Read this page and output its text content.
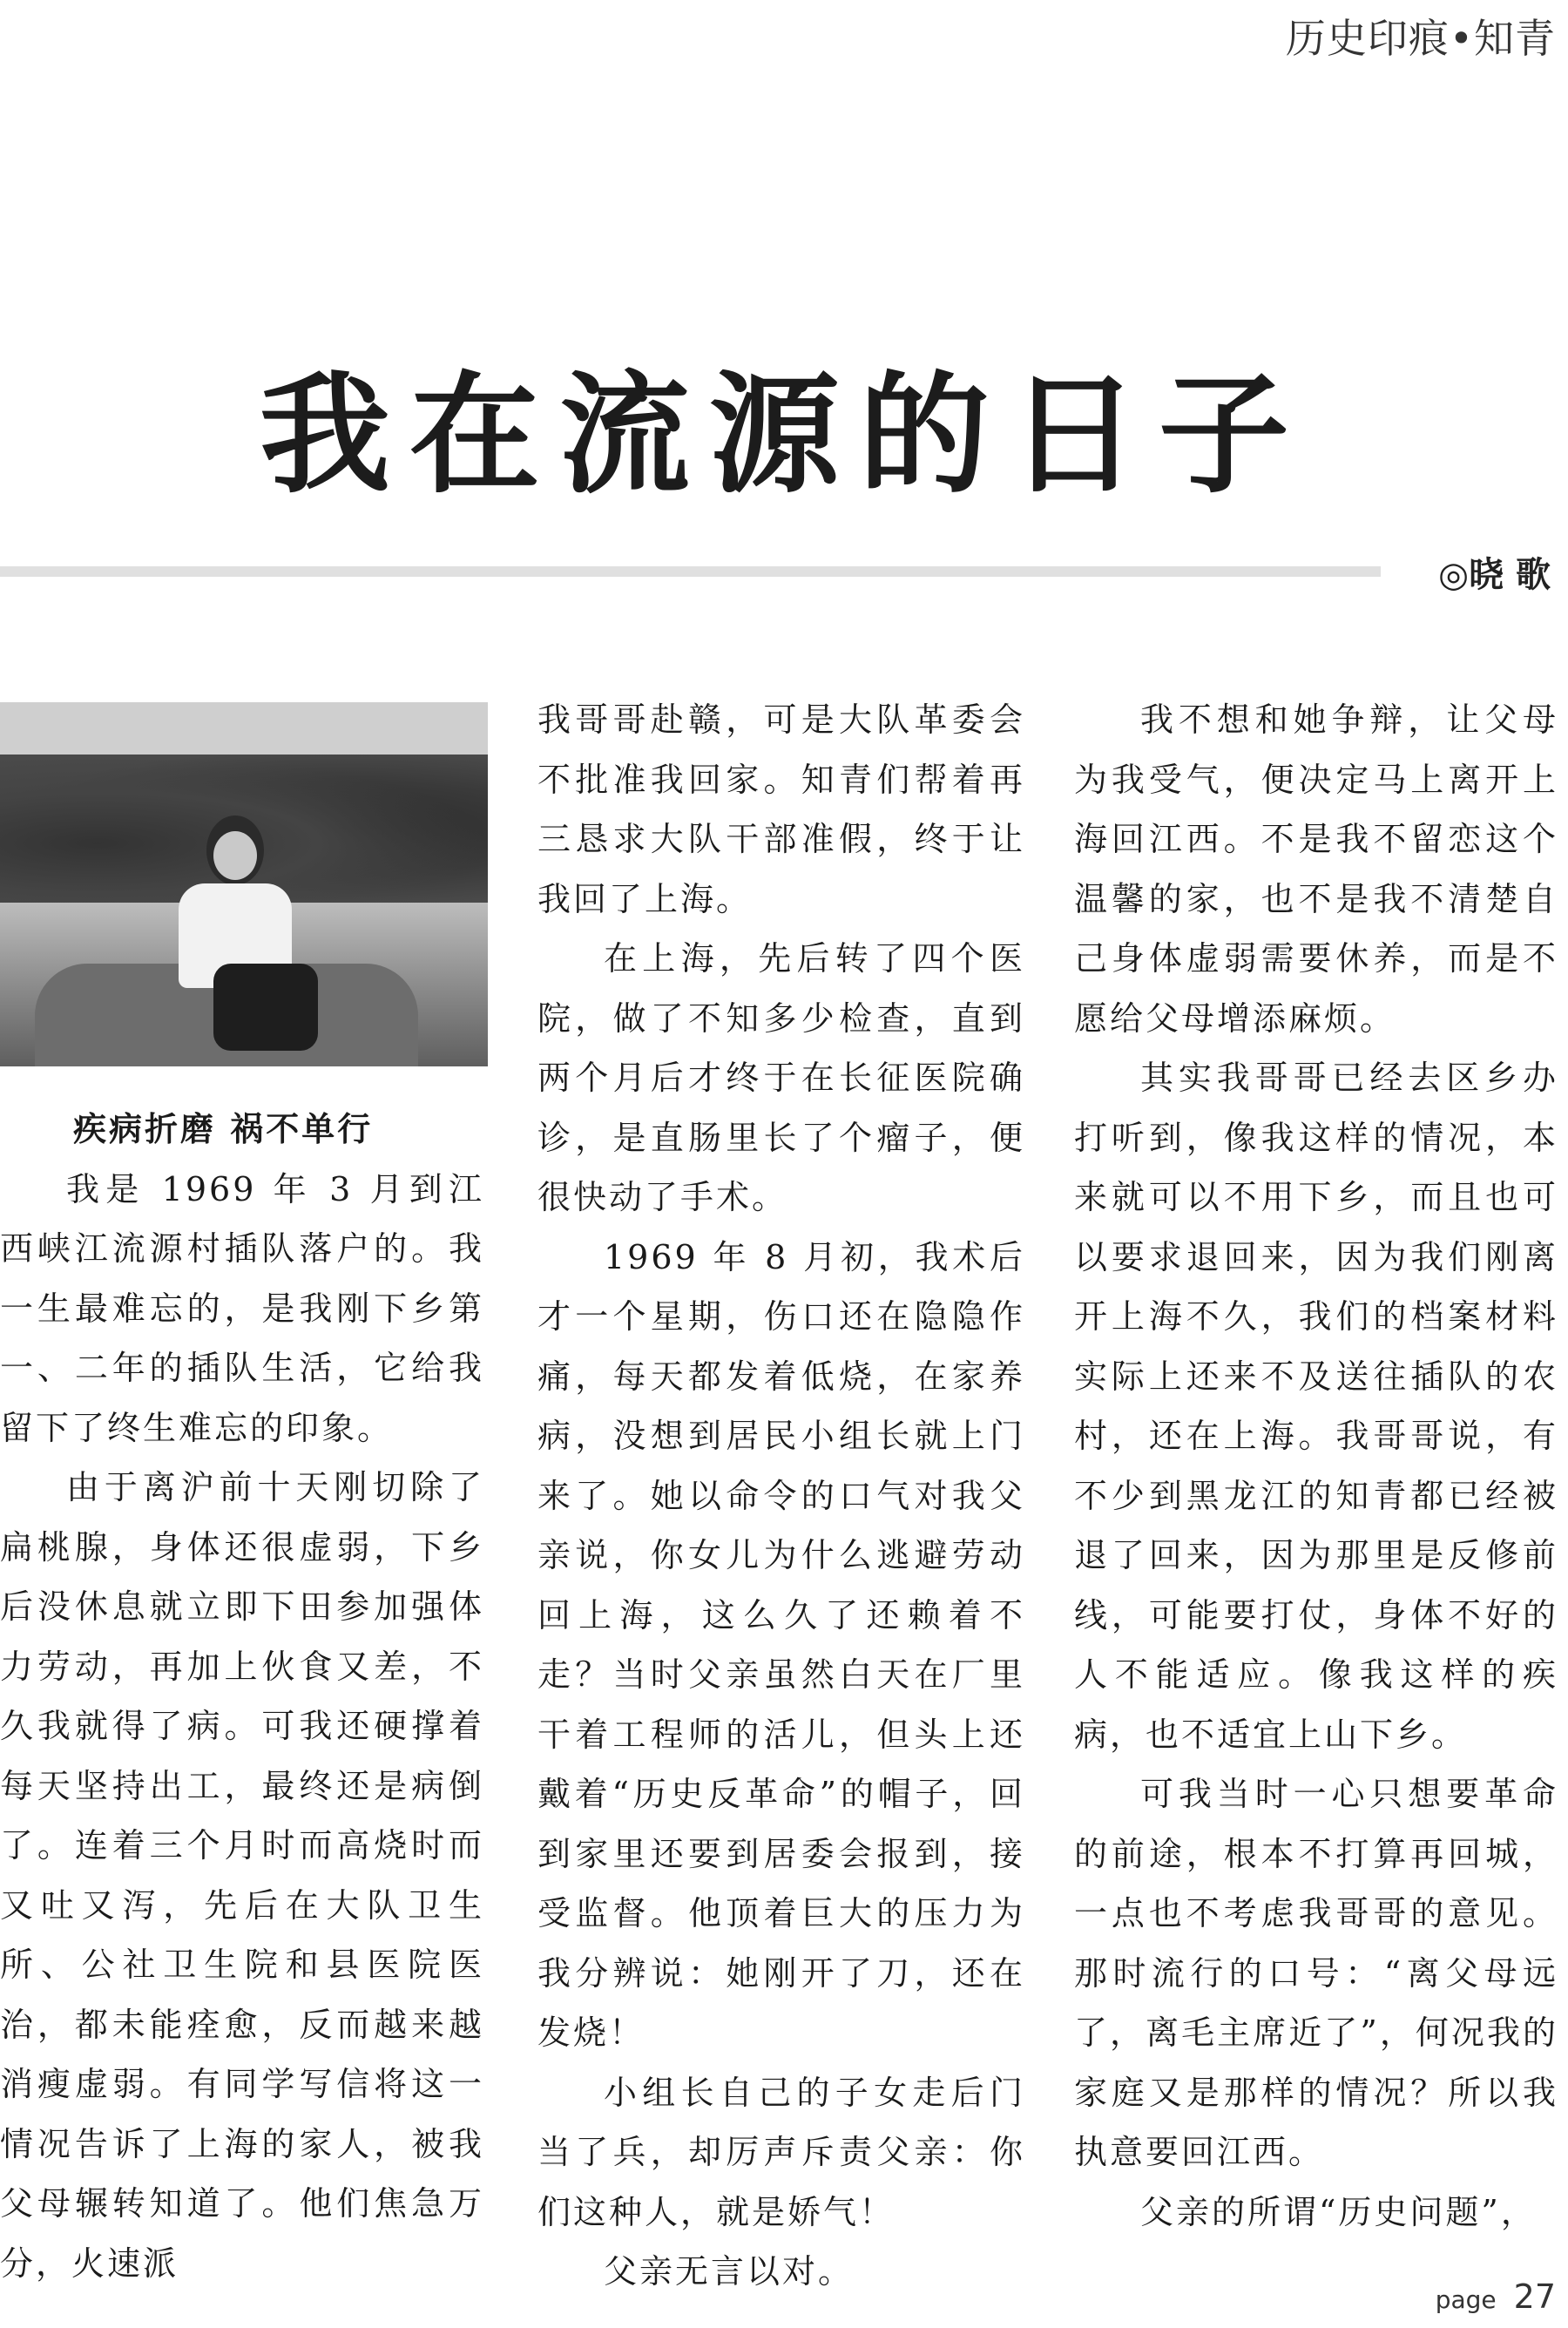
历史印痕•知青
我在流源的日子
◎晓 歌
疾病折磨 祸不单行

我是 1969 年 3 月到江西峡江流源村插队落户的。我一生最难忘的，是我刚下乡第一、二年的插队生活，它给我留下了终生难忘的印象。

由于离沪前十天刚切除了扁桃腺，身体还很虚弱，下乡后没休息就立即下田参加强体力劳动，再加上伙食又差，不久我就得了病。可我还硬撑着每天坚持出工，最终还是病倒了。连着三个月时而高烧时而又吐又泻，先后在大队卫生所、公社卫生院和县医院医治，都未能痊愈，反而越来越消瘦虚弱。有同学写信将这一情况告诉了上海的家人，被我父母辗转知道了。他们焦急万分，火速派

我哥哥赴赣，可是大队革委会不批准我回家。知青们帮着再三恳求大队干部准假，终于让我回了上海。

在上海，先后转了四个医院，做了不知多少检查，直到两个月后才终于在长征医院确诊，是直肠里长了个瘤子，便很快动了手术。

1969 年 8 月初，我术后才一个星期，伤口还在隐隐作痛，每天都发着低烧，在家养病，没想到居民小组长就上门来了。她以命令的口气对我父亲说，你女儿为什么逃避劳动回上海，这么久了还赖着不走？当时父亲虽然白天在厂里干着工程师的活儿，但头上还戴着“历史反革命”的帽子，回到家里还要到居委会报到，接受监督。他顶着巨大的压力为我分辨说：她刚开了刀，还在发烧！

小组长自己的子女走后门当了兵，却厉声斥责父亲：你们这种人，就是娇气！

父亲无言以对。

我不想和她争辩，让父母为我受气，便决定马上离开上海回江西。不是我不留恋这个温馨的家，也不是我不清楚自己身体虚弱需要休养，而是不愿给父母增添麻烦。

其实我哥哥已经去区乡办打听到，像我这样的情况，本来就可以不用下乡，而且也可以要求退回来，因为我们刚离开上海不久，我们的档案材料实际上还来不及送往插队的农村，还在上海。我哥哥说，有不少到黑龙江的知青都已经被退了回来，因为那里是反修前线，可能要打仗，身体不好的人不能适应。像我这样的疾病，也不适宜上山下乡。

可我当时一心只想要革命的前途，根本不打算再回城，一点也不考虑我哥哥的意见。那时流行的口号：“离父母远了，离毛主席近了”，何况我的家庭又是那样的情况？所以我执意要回江西。

父亲的所谓“历史问题”，

page 27
